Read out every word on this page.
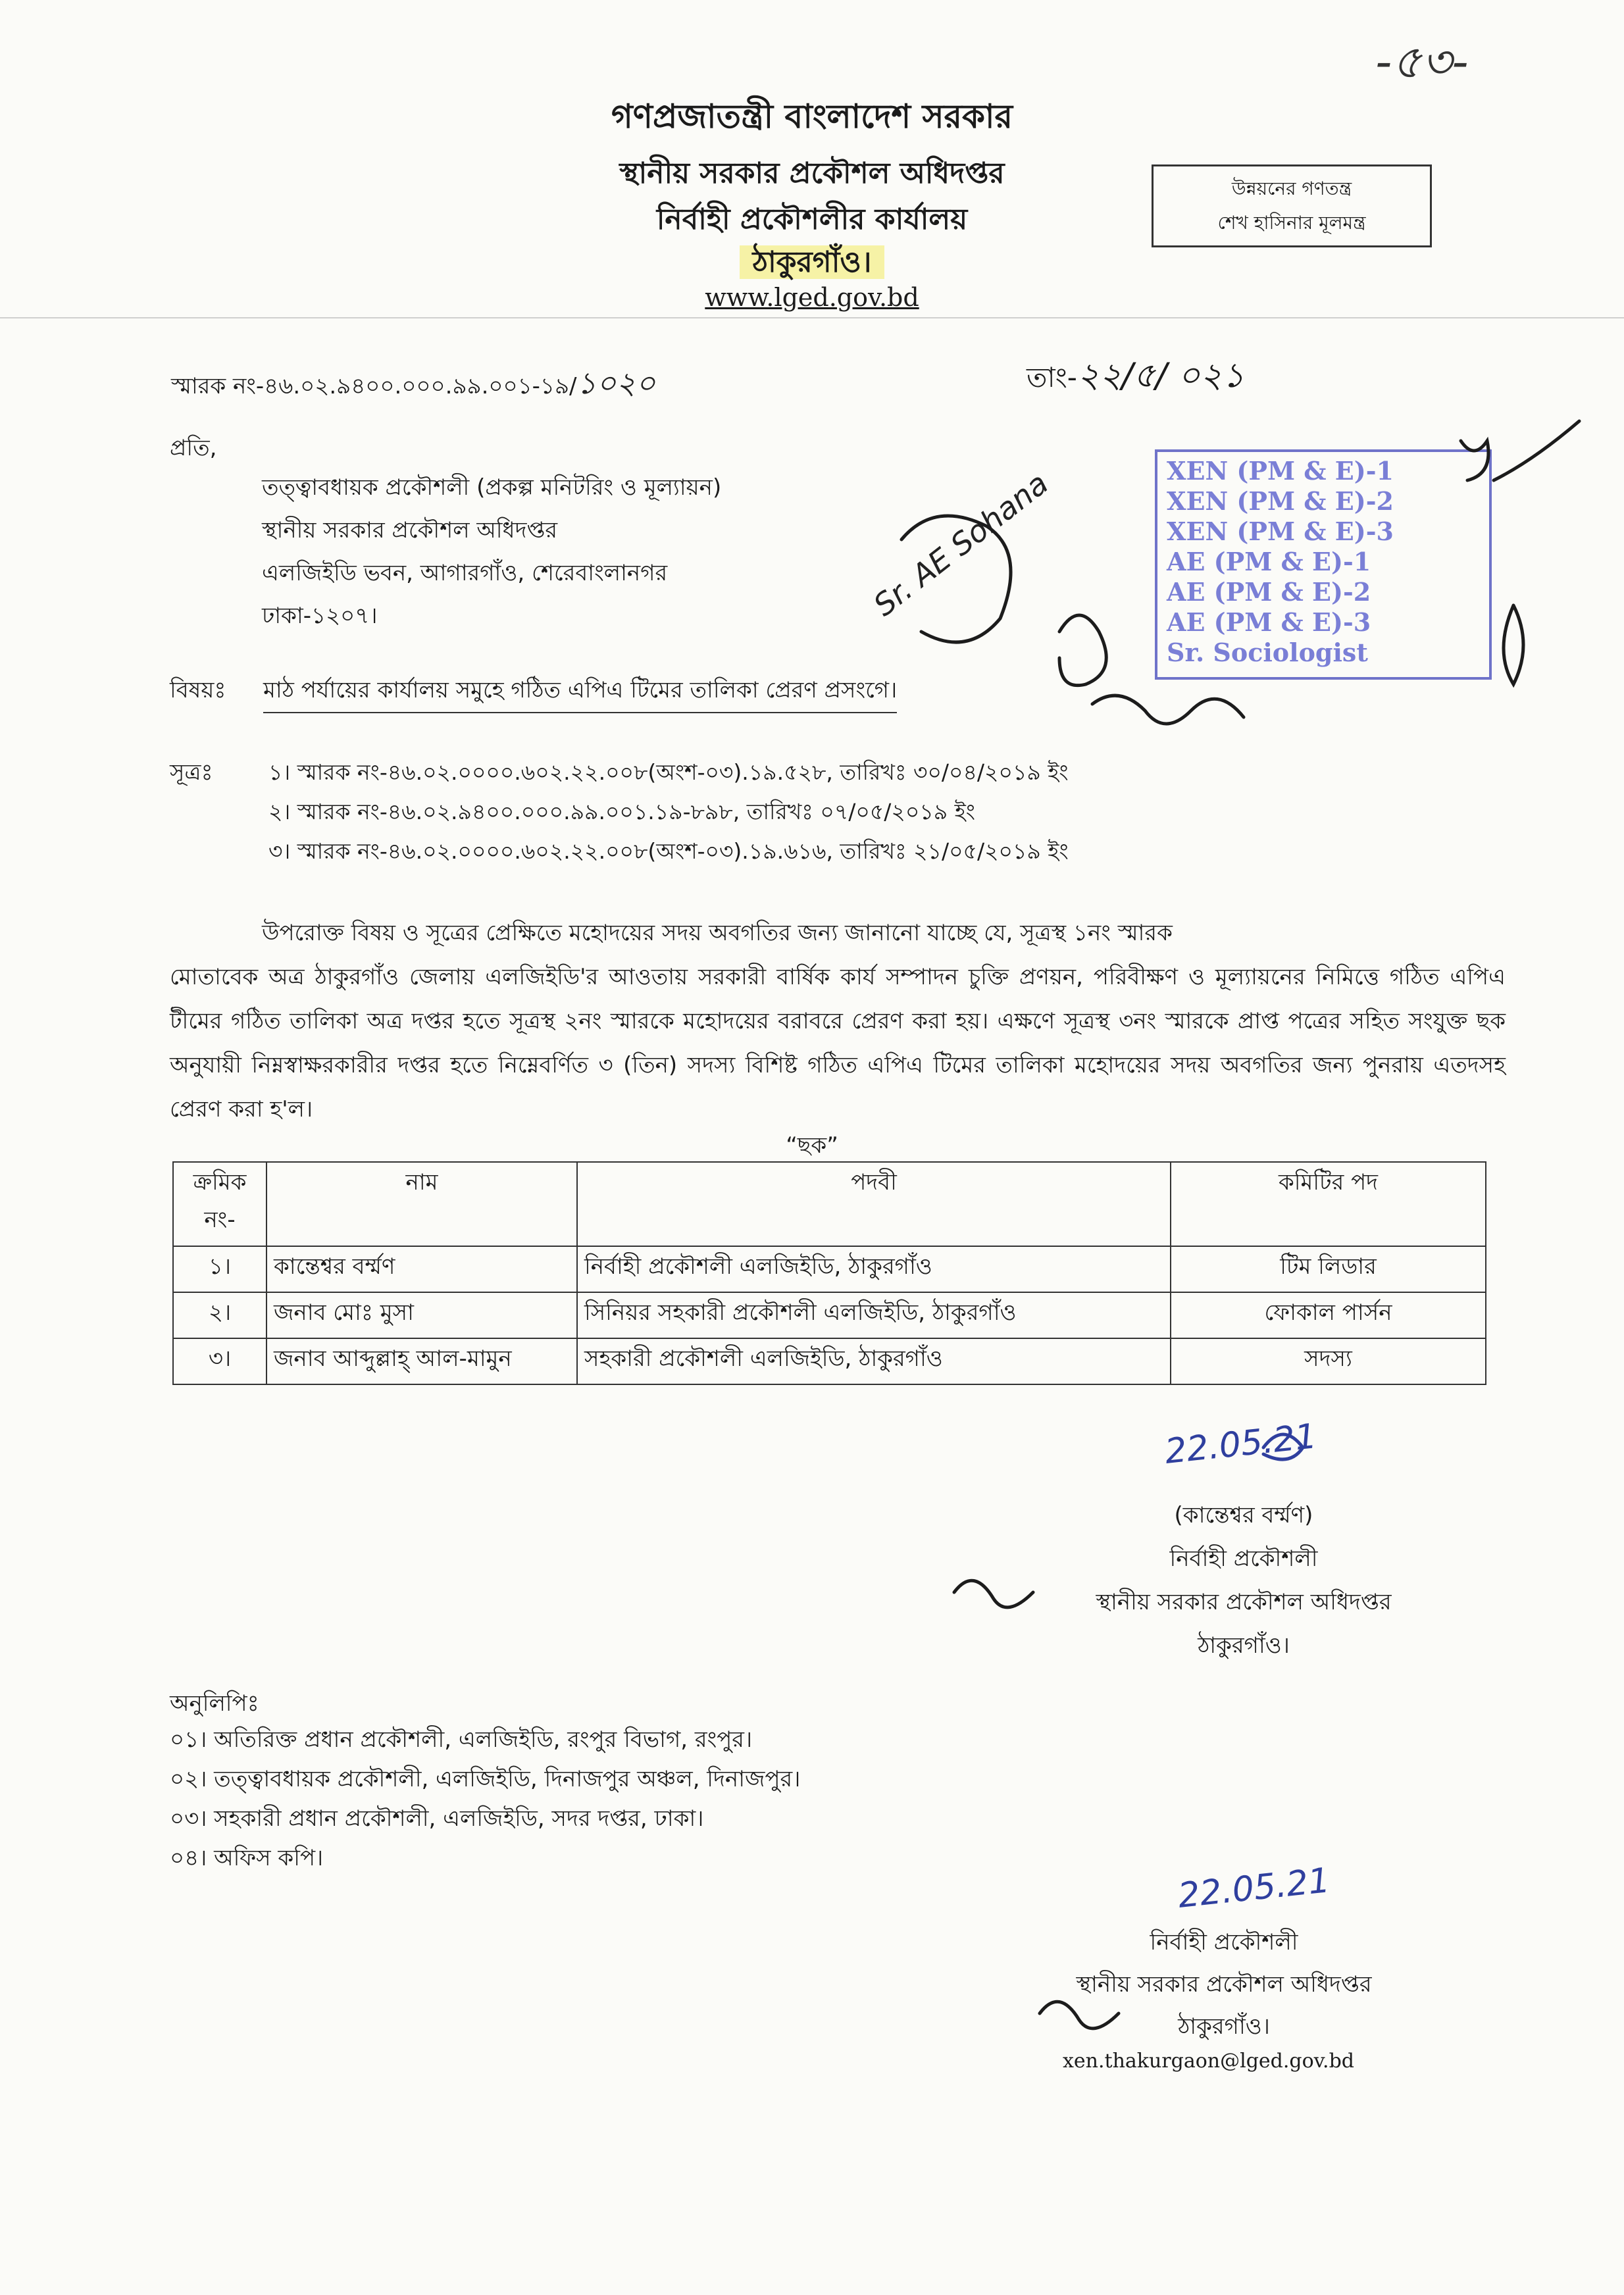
-৫৩-
গণপ্রজাতন্ত্রী বাংলাদেশ সরকার
স্থানীয় সরকার প্রকৌশল অধিদপ্তর
নির্বাহী প্রকৌশলীর কার্যালয়
ঠাকুরগাঁও।
www.lged.gov.bd
উন্নয়নের গণতন্ত্র
শেখ হাসিনার মূলমন্ত্র
স্মারক নং-৪৬.০২.৯৪০০.০০০.৯৯.০০১-১৯/১০২০	তাং-২২/৫/ ০২১
প্রতি,
তত্ত্বাবধায়ক প্রকৌশলী (প্রকল্প মনিটরিং ও মূল্যায়ন)
স্থানীয় সরকার প্রকৌশল অধিদপ্তর
এলজিইডি ভবন, আগারগাঁও, শেরেবাংলানগর
ঢাকা-১২০৭।
XEN (PM & E)-1
XEN (PM & E)-2
XEN (PM & E)-3
AE (PM & E)-1
AE (PM & E)-2
AE (PM & E)-3
Sr. Sociologist
Sr. AE Sohana
বিষয়ঃ মাঠ পর্যায়ের কার্যালয় সমুহে গঠিত এপিএ টিমের তালিকা প্রেরণ প্রসংগে।
সূত্রঃ	১। স্মারক নং-৪৬.০২.০০০০.৬০২.২২.০০৮(অংশ-০৩).১৯.৫২৮, তারিখঃ ৩০/০৪/২০১৯ ইং
২। স্মারক নং-৪৬.০২.৯৪০০.০০০.৯৯.০০১.১৯-৮৯৮, তারিখঃ ০৭/০৫/২০১৯ ইং
৩। স্মারক নং-৪৬.০২.০০০০.৬০২.২২.০০৮(অংশ-০৩).১৯.৬১৬, তারিখঃ ২১/০৫/২০১৯ ইং
উপরোক্ত বিষয় ও সূত্রের প্রেক্ষিতে মহোদয়ের সদয় অবগতির জন্য জানানো যাচ্ছে যে, সূত্রস্থ ১নং স্মারক
মোতাবেক অত্র ঠাকুরগাঁও জেলায় এলজিইডি'র আওতায় সরকারী বার্ষিক কার্য সম্পাদন চুক্তি প্রণয়ন, পরিবীক্ষণ ও মূল্যায়নের নিমিত্তে গঠিত এপিএ টীমের গঠিত তালিকা অত্র দপ্তর হতে সূত্রস্থ ২নং স্মারকে মহোদয়ের বরাবরে প্রেরণ করা হয়। এক্ষণে সূত্রস্থ ৩নং স্মারকে প্রাপ্ত পত্রের সহিত সংযুক্ত ছক অনুযায়ী নিম্নস্বাক্ষরকারীর দপ্তর হতে নিম্নেবর্ণিত ৩ (তিন) সদস্য বিশিষ্ট গঠিত এপিএ টিমের তালিকা মহোদয়ের সদয় অবগতির জন্য পুনরায় এতদসহ প্রেরণ করা হ'ল।
“ছক”
ক্রমিক নং-	নাম	পদবী	কমিটির পদ
১।	কান্তেশ্বর বর্ম্মণ	নির্বাহী প্রকৌশলী এলজিইডি, ঠাকুরগাঁও	টিম লিডার
২।	জনাব মোঃ মুসা	সিনিয়র সহকারী প্রকৌশলী এলজিইডি, ঠাকুরগাঁও	ফোকাল পার্সন
৩।	জনাব আব্দুল্লাহ্ আল-মামুন	সহকারী প্রকৌশলী এলজিইডি, ঠাকুরগাঁও	সদস্য
22.05.21
(কান্তেশ্বর বর্ম্মণ)
নির্বাহী প্রকৌশলী
স্থানীয় সরকার প্রকৌশল অধিদপ্তর
ঠাকুরগাঁও।
অনুলিপিঃ
০১। অতিরিক্ত প্রধান প্রকৌশলী, এলজিইডি, রংপুর বিভাগ, রংপুর।
০২। তত্ত্বাবধায়ক প্রকৌশলী, এলজিইডি, দিনাজপুর অঞ্চল, দিনাজপুর।
০৩। সহকারী প্রধান প্রকৌশলী, এলজিইডি, সদর দপ্তর, ঢাকা।
০৪। অফিস কপি।
22.05.21
নির্বাহী প্রকৌশলী
স্থানীয় সরকার প্রকৌশল অধিদপ্তর
ঠাকুরগাঁও।
xen.thakurgaon@lged.gov.bd
